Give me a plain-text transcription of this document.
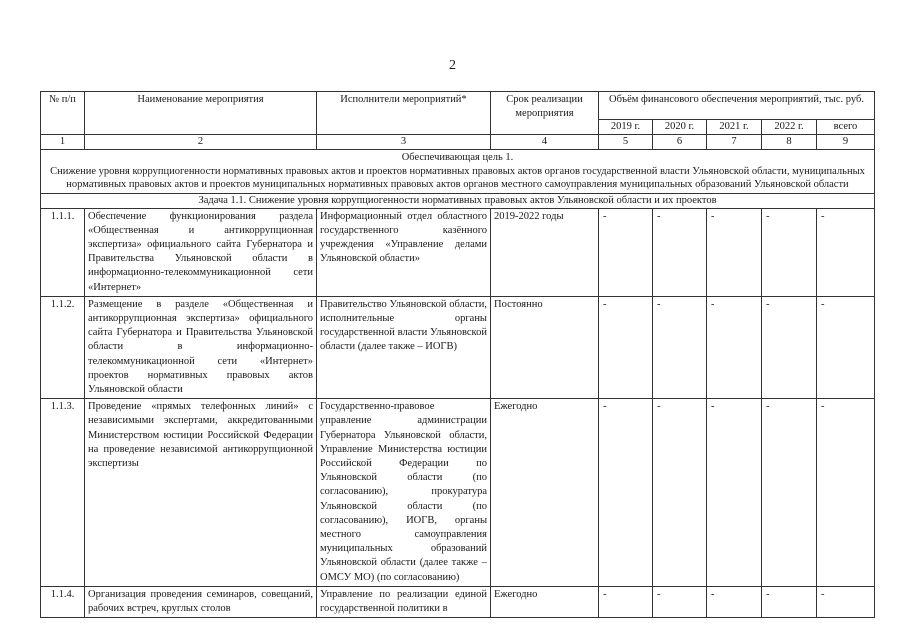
2
№ п/п	Наименование мероприятия	Исполнители мероприятий*	Срок реализации мероприятия	Объём финансового обеспечения мероприятий, тыс. руб.				
				2019 г.	2020 г.	2021 г.	2022 г.	всего
1	2	3	4	5	6	7	8	9

Обеспечивающая цель 1.
Снижение уровня коррупциогенности нормативных правовых актов и проектов нормативных правовых актов органов государственной власти Ульяновской области, муниципальных нормативных правовых актов и проектов муниципальных нормативных правовых актов органов местного самоуправления муниципальных образований Ульяновской области								

Задача 1.1. Снижение уровня коррупциогенности нормативных правовых актов Ульяновской области и их проектов								
1.1.1.	Обеспечение функционирования раздела «Общественная и антикоррупционная экспертиза» официального сайта Губернатора и Правительства Ульяновской области в информационно-телекоммуникационной сети «Интернет»	Информационный отдел областного государственного казённого учреждения «Управление делами Ульяновской области»	2019-2022 годы	-	-	-	-	-
1.1.2.	Размещение в разделе «Общественная и антикоррупционная экспертиза» официального сайта Губернатора и Правительства Ульяновской области в информационно-телекоммуникационной сети «Интернет» проектов нормативных правовых актов Ульяновской области	Правительство Ульяновской области, исполнительные органы государственной власти Ульяновской области (далее также – ИОГВ)	Постоянно	-	-	-	-	-
1.1.3.	Проведение «прямых телефонных линий» с независимыми экспертами, аккредитованными Министерством юстиции Российской Федерации на проведение независимой антикоррупционной экспертизы	Государственно-правовое управление администрации Губернатора Ульяновской области, Управление Министерства юстиции Российской Федерации по Ульяновской области (по согласованию), прокуратура Ульяновской области (по согласованию), ИОГВ, органы местного самоуправления муниципальных образований Ульяновской области (далее также – ОМСУ МО) (по согласованию)	Ежегодно	-	-	-	-	-
1.1.4.	Организация проведения семинаров, совещаний, рабочих встреч, круглых столов	Управление по реализации единой государственной политики в	Ежегодно	-	-	-	-	-
